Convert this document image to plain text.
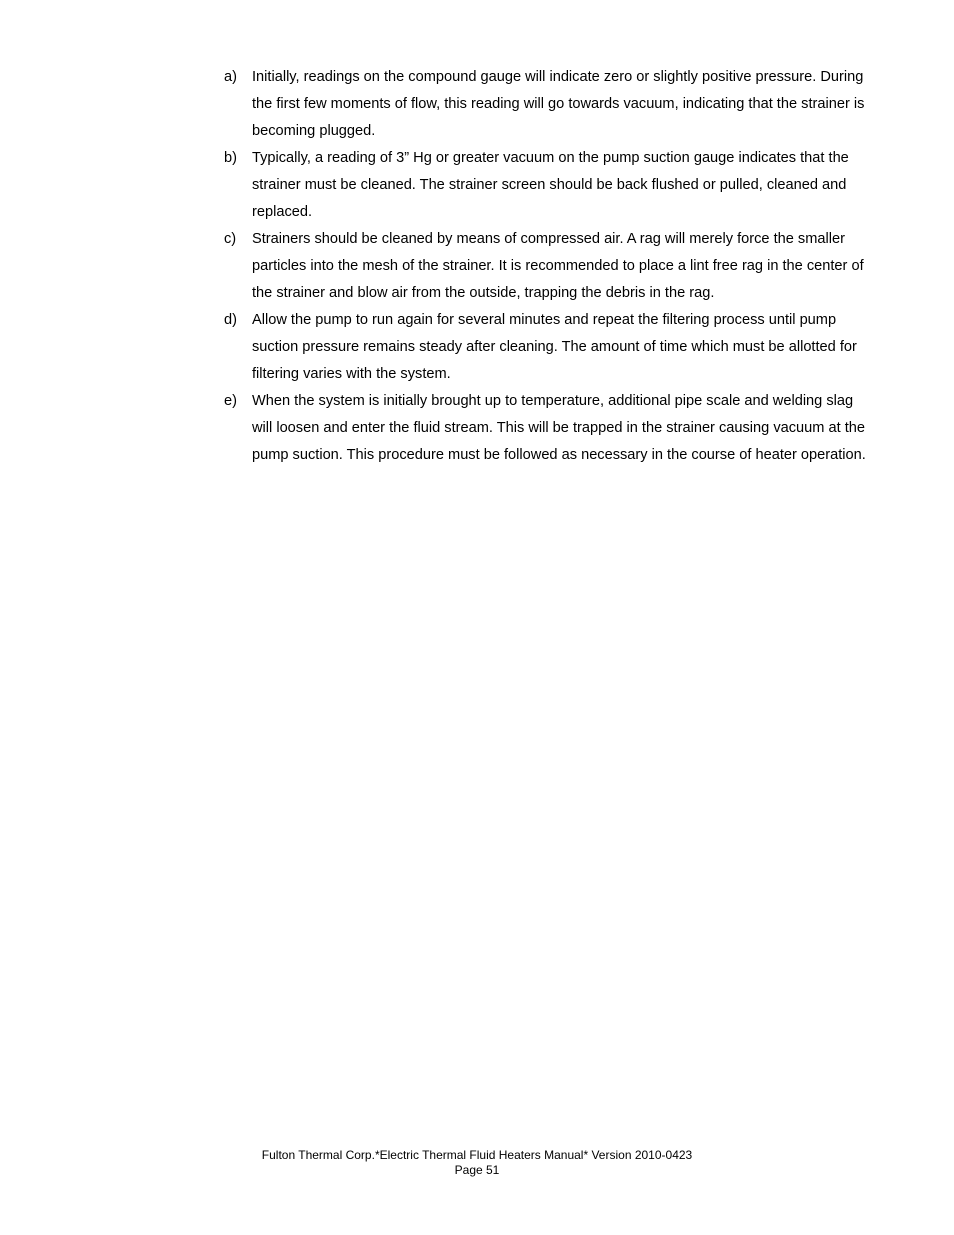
a)	Initially, readings on the compound gauge will indicate zero or slightly positive pressure. During the first few moments of flow, this reading will go towards vacuum, indicating that the strainer is becoming plugged.
b)	Typically, a reading of 3” Hg or greater vacuum on the pump suction gauge indicates that the strainer must be cleaned. The strainer screen should be back flushed or pulled, cleaned and replaced.
c)	Strainers should be cleaned by means of compressed air. A rag will merely force the smaller particles into the mesh of the strainer. It is recommended to place a lint free rag in the center of the strainer and blow air from the outside, trapping the debris in the rag.
d)	Allow the pump to run again for several minutes and repeat the filtering process until pump suction pressure remains steady after cleaning. The amount of time which must be allotted for filtering varies with the system.
e)	When the system is initially brought up to temperature, additional pipe scale and welding slag will loosen and enter the fluid stream. This will be trapped in the strainer causing vacuum at the pump suction. This procedure must be followed as necessary in the course of heater operation.
Fulton Thermal Corp.*Electric Thermal Fluid Heaters Manual* Version 2010-0423
Page 51
